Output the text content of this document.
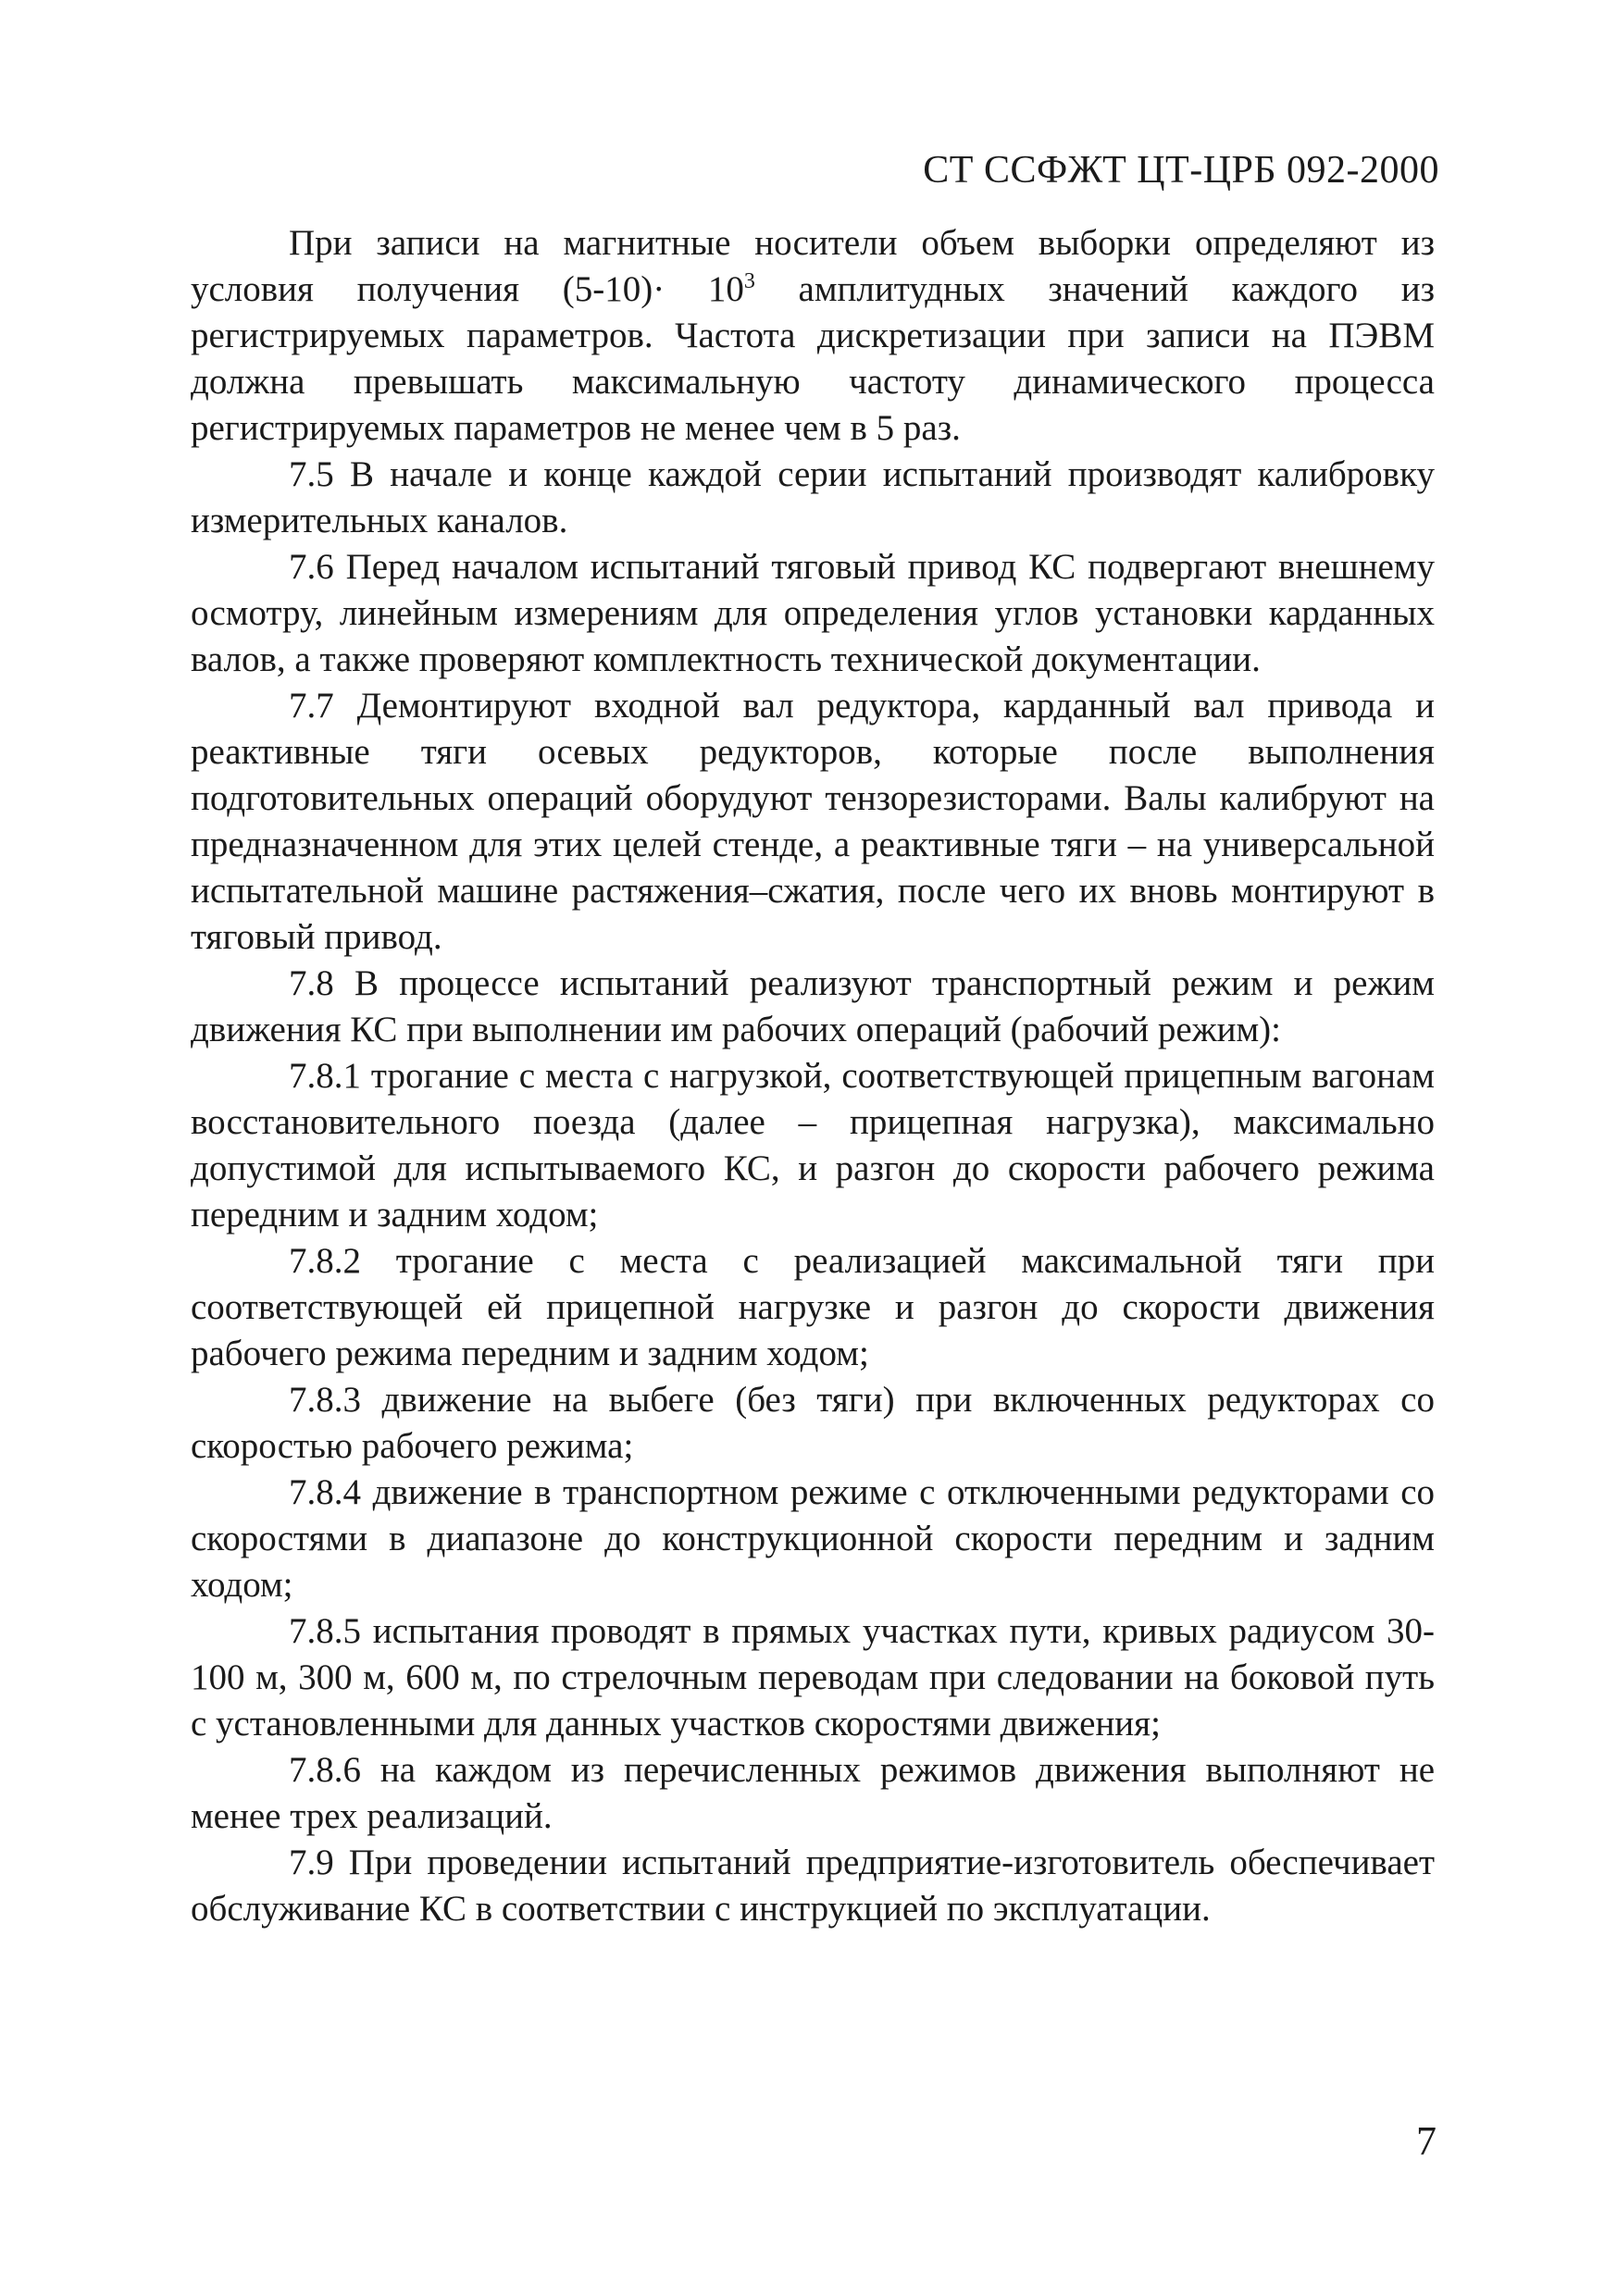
СТ ССФЖТ ЦТ-ЦРБ 092-2000

При записи на магнитные носители объем выборки определяют из условия получения $(5-10)\cdot 10^3$ амплитудных значений каждого из регистрируемых параметров. Частота дискретизации при записи на ПЭВМ должна превышать максимальную частоту динамического процесса регистрируемых параметров не менее чем в 5 раз.

7.5 В начале и конце каждой серии испытаний производят калибровку измерительных каналов.

7.6 Перед началом испытаний тяговый привод КС подвергают внешнему осмотру, линейным измерениям для определения углов установки карданных валов, а также проверяют комплектность технической документации.

7.7 Демонтируют входной вал редуктора, карданный вал привода и реактивные тяги осевых редукторов, которые после выполнения подготовительных операций оборудуют тензорезисторами. Валы калибруют на предназначенном для этих целей стенде, а реактивные тяги – на универсальной испытательной машине растяжения–сжатия, после чего их вновь монтируют в тяговый привод.

7.8 В процессе испытаний реализуют транспортный режим и режим движения КС при выполнении им рабочих операций (рабочий режим):

7.8.1 трогание с места с нагрузкой, соответствующей прицепным вагонам восстановительного поезда (далее – прицепная нагрузка), максимально допустимой для испытываемого КС, и разгон до скорости рабочего режима передним и задним ходом;

7.8.2 трогание с места с реализацией максимальной тяги при соответствующей ей прицепной нагрузке и разгон до скорости движения рабочего режима передним и задним ходом;

7.8.3 движение на выбеге (без тяги) при включенных редукторах со скоростью рабочего режима;

7.8.4 движение в транспортном режиме с отключенными редукторами со скоростями в диапазоне до конструкционной скорости передним и задним ходом;

7.8.5 испытания проводят в прямых участках пути, кривых радиусом 30-100 м, 300 м, 600 м, по стрелочным переводам при следовании на боковой путь с установленными для данных участков скоростями движения;

7.8.6 на каждом из перечисленных режимов движения выполняют не менее трех реализаций.

7.9 При проведении испытаний предприятие-изготовитель обеспечивает обслуживание КС в соответствии с инструкцией по эксплуатации.

7
